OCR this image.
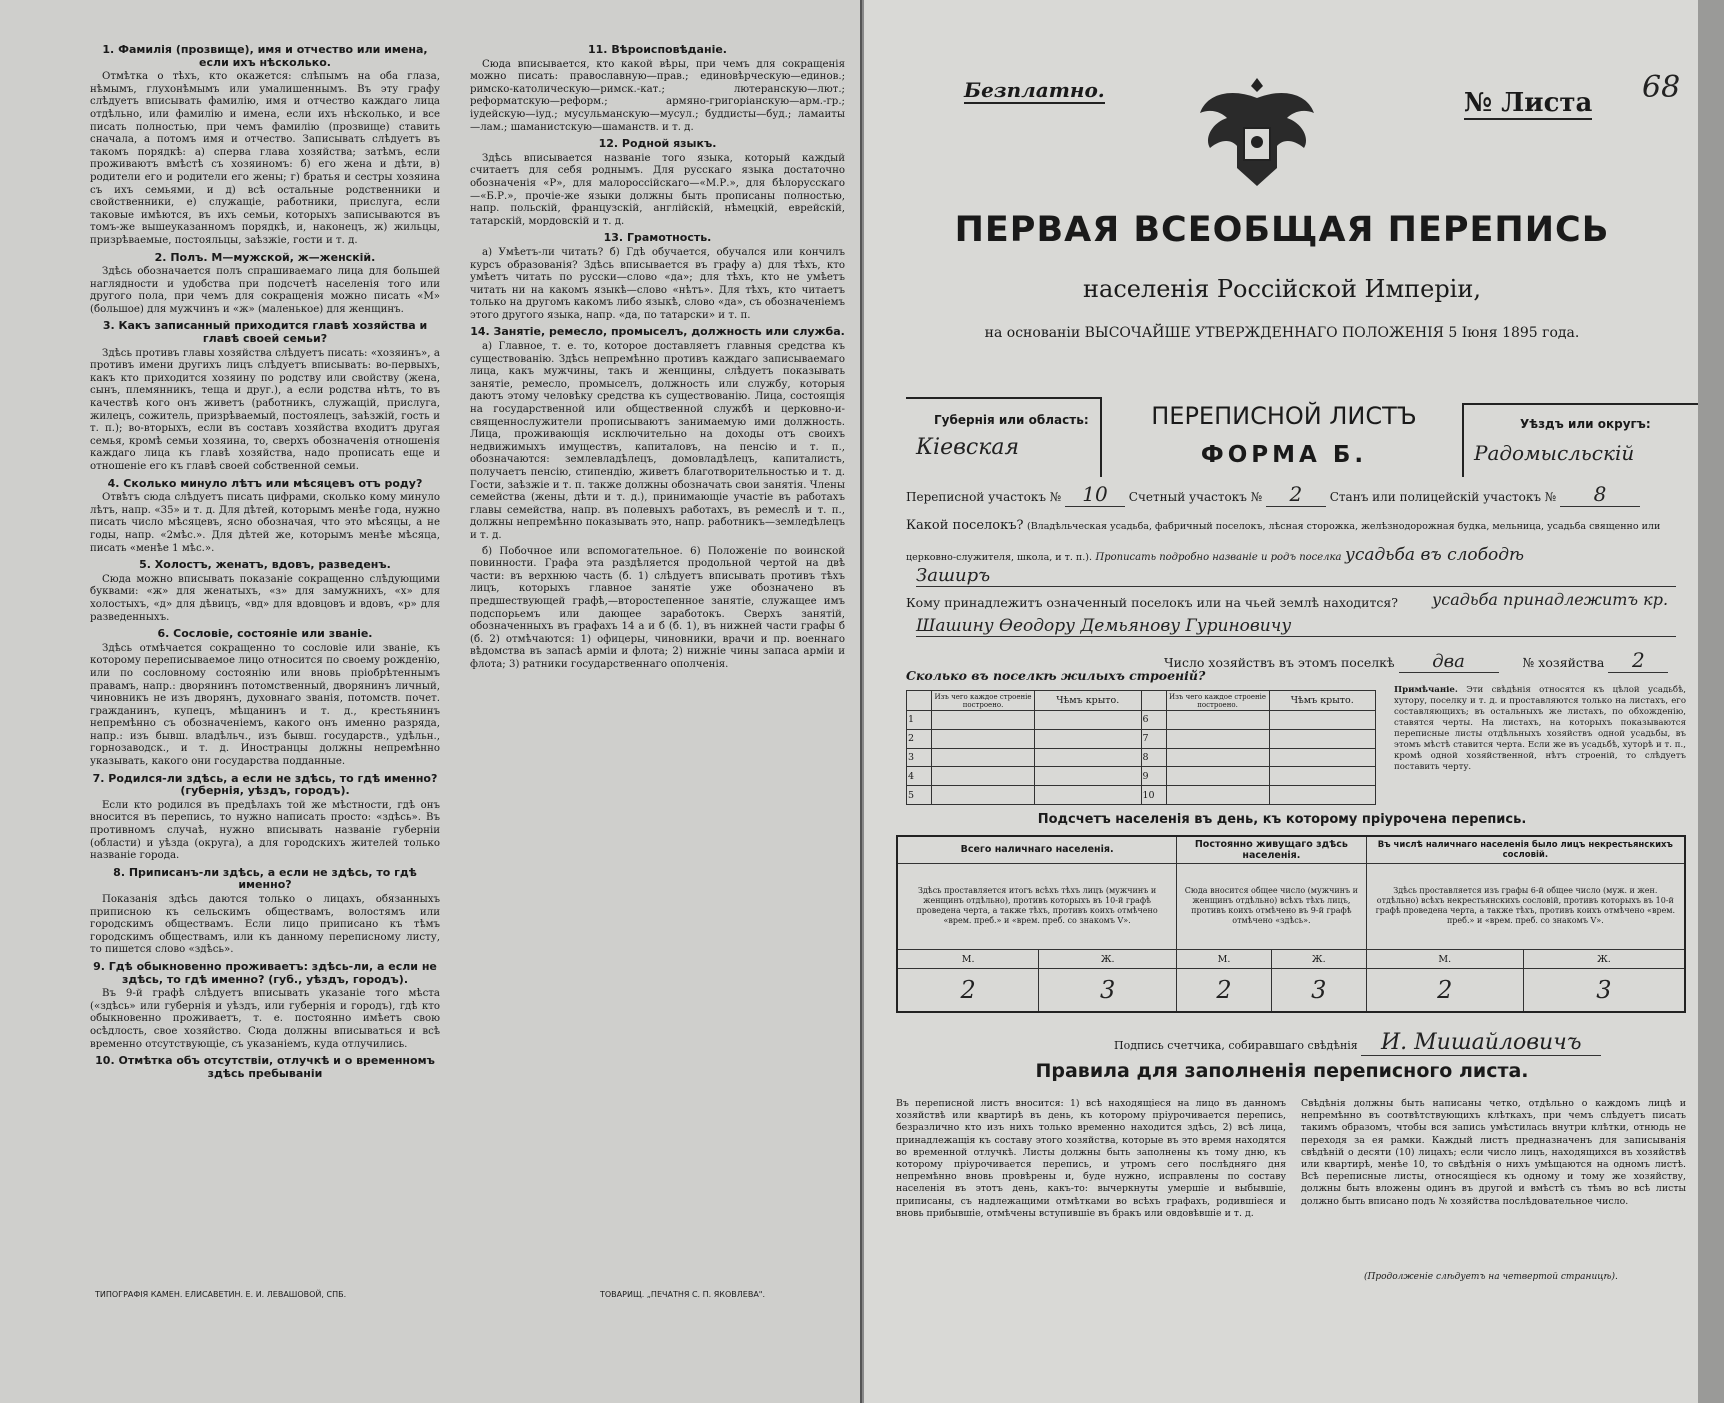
1. Фамилія (прозвище), имя и отчество или имена, если ихъ нѣсколько.

Отмѣтка о тѣхъ, кто окажется: слѣпымъ на оба глаза, нѣмымъ, глухонѣмымъ или умалишеннымъ. Въ эту графу слѣдуетъ вписывать фамилію, имя и отчество каждаго лица отдѣльно, или фамилію и имена, если ихъ нѣсколько, и все писать полностью, при чемъ фамилію (прозвище) ставить сначала, а потомъ имя и отчество. Записывать слѣдуетъ въ такомъ порядкѣ: а) сперва глава хозяйства; затѣмъ, если проживаютъ вмѣстѣ съ хозяиномъ: б) его жена и дѣти, в) родители его и родители его жены; г) братья и сестры хозяина съ ихъ семьями, и д) всѣ остальные родственники и свойственники, е) служащіе, работники, прислуга, если таковые имѣются, въ ихъ семьи, которыхъ записываются въ томъ-же вышеуказанномъ порядкѣ, и, наконецъ, ж) жильцы, призрѣваемые, постояльцы, заѣзжіе, гости и т. д.

2. Полъ. М—мужской, ж—женскій.

Здѣсь обозначается полъ спрашиваемаго лица для большей наглядности и удобства при подсчетѣ населенія того или другого пола, при чемъ для сокращенія можно писать «М» (большое) для мужчинъ и «ж» (маленькое) для женщинъ.

3. Какъ записанный приходится главѣ хозяйства и главѣ своей семьи?

Здѣсь противъ главы хозяйства слѣдуетъ писать: «хозяинъ», а противъ имени другихъ лицъ слѣдуетъ вписывать: во-первыхъ, какъ кто приходится хозяину по родству или свойству (жена, сынъ, племянникъ, теща и друг.), а если родства нѣтъ, то въ качествѣ кого онъ живетъ (работникъ, служащій, прислуга, жилецъ, сожитель, призрѣваемый, постоялецъ, заѣзжій, гость и т. п.); во-вторыхъ, если въ составъ хозяйства входитъ другая семья, кромѣ семьи хозяина, то, сверхъ обозначенія отношенія каждаго лица къ главѣ хозяйства, надо прописать еще и отношеніе его къ главѣ своей собственной семьи.

4. Сколько минуло лѣтъ или мѣсяцевъ отъ роду?

Отвѣтъ сюда слѣдуетъ писать цифрами, сколько кому минуло лѣтъ, напр. «35» и т. д. Для дѣтей, которымъ менѣе года, нужно писать число мѣсяцевъ, ясно обозначая, что это мѣсяцы, а не годы, напр. «2мѣс.». Для дѣтей же, которымъ менѣе мѣсяца, писать «менѣе 1 мѣс.».

5. Холостъ, женатъ, вдовъ, разведенъ.

Сюда можно вписывать показаніе сокращенно слѣдующими буквами: «ж» для женатыхъ, «з» для замужнихъ, «х» для холостыхъ, «д» для дѣвицъ, «вд» для вдовцовъ и вдовъ, «р» для разведенныхъ.

6. Сословіе, состояніе или званіе.

Здѣсь отмѣчается сокращенно то сословіе или званіе, къ которому переписываемое лицо относится по своему рожденію, или по сословному состоянію или вновь пріобрѣтеннымъ правамъ, напр.: дворянинъ потомственный, дворянинъ личный, чиновникъ не изъ дворянъ, духовнаго званія, потомств. почет. гражданинъ, купецъ, мѣщанинъ и т. д., крестьянинъ непремѣнно съ обозначеніемъ, какого онъ именно разряда, напр.: изъ бывш. владѣльч., изъ бывш. государств., удѣльн., горнозаводск., и т. д. Иностранцы должны непремѣнно указывать, какого они государства подданные.

7. Родился-ли здѣсь, а если не здѣсь, то гдѣ именно? (губернія, уѣздъ, городъ).

Если кто родился въ предѣлахъ той же мѣстности, гдѣ онъ вносится въ перепись, то нужно написать просто: «здѣсь». Въ противномъ случаѣ, нужно вписывать названіе губерніи (области) и уѣзда (округа), а для городскихъ жителей только названіе города.

8. Приписанъ-ли здѣсь, а если не здѣсь, то гдѣ именно?

Показанія здѣсь даются только о лицахъ, обязанныхъ приписною къ сельскимъ обществамъ, волостямъ или городскимъ обществамъ. Если лицо приписано къ тѣмъ городскимъ обществамъ, или къ данному переписному листу, то пишется слово «здѣсь».

9. Гдѣ обыкновенно проживаетъ: здѣсь-ли, а если не здѣсь, то гдѣ именно? (губ., уѣздъ, городъ).

Въ 9-й графѣ слѣдуетъ вписывать указаніе того мѣста («здѣсь» или губернія и уѣздъ, или губернія и городъ), гдѣ кто обыкновенно проживаетъ, т. е. постоянно имѣетъ свою осѣдлость, свое хозяйство. Сюда должны вписываться и всѣ временно отсутствующіе, съ указаніемъ, куда отлучились.

10. Отмѣтка объ отсутствіи, отлучкѣ и о временномъ здѣсь пребываніи
11. Вѣроисповѣданіе.

Сюда вписывается, кто какой вѣры, при чемъ для сокращенія можно писать: православную—прав.; единовѣрческую—единов.; римско-католическую—римск.-кат.; лютеранскую—лют.; реформатскую—реформ.; армяно-григоріанскую—арм.-гр.; іудейскую—іуд.; мусульманскую—мусул.; буддисты—буд.; ламаиты—лам.; шаманистскую—шаманств. и т. д.

12. Родной языкъ.

Здѣсь вписывается названіе того языка, который каждый считаетъ для себя роднымъ. Для русскаго языка достаточно обозначенія «Р», для малороссійскаго—«М.Р.», для бѣлорусскаго—«Б.Р.», прочіе-же языки должны быть прописаны полностью, напр. польскій, французскій, англійскій, нѣмецкій, еврейскій, татарскій, мордовскій и т. д.

13. Грамотность.

а) Умѣетъ-ли читать? б) Гдѣ обучается, обучался или кончилъ курсъ образованія? Здѣсь вписывается въ графу а) для тѣхъ, кто умѣетъ читать по русски—слово «да»; для тѣхъ, кто не умѣетъ читать ни на какомъ языкѣ—слово «нѣтъ». Для тѣхъ, кто читаетъ только на другомъ какомъ либо языкѣ, слово «да», съ обозначеніемъ этого другого языка, напр. «да, по татарски» и т. п.

14. Занятіе, ремесло, промыселъ, должность или служба.

а) Главное, т. е. то, которое доставляетъ главныя средства къ существованію. Здѣсь непремѣнно противъ каждаго записываемаго лица, какъ мужчины, такъ и женщины, слѣдуетъ показывать занятіе, ремесло, промыселъ, должность или службу, которыя даютъ этому человѣку средства къ существованію. Лица, состоящія на государственной или общественной службѣ и церковно-и-священнослужители прописываютъ занимаемую ими должность. Лица, проживающія исключительно на доходы отъ своихъ недвижимыхъ имуществъ, капиталовъ, на пенсію и т. п., обозначаются: землевладѣлецъ, домовладѣлецъ, капиталистъ, получаетъ пенсію, стипендію, живетъ благотворительностью и т. д. Гости, заѣзжіе и т. п. также должны обозначать свои занятія. Члены семейства (жены, дѣти и т. д.), принимающіе участіе въ работахъ главы семейства, напр. въ полевыхъ работахъ, въ ремеслѣ и т. п., должны непремѣнно показывать это, напр. работникъ—земледѣлецъ и т. д.

б) Побочное или вспомогательное. 6) Положеніе по воинской повинности. Графа эта раздѣляется продольной чертой на двѣ части: въ верхнюю часть (б. 1) слѣдуетъ вписывать противъ тѣхъ лицъ, которыхъ главное занятіе уже обозначено въ предшествующей графѣ,—второстепенное занятіе, служащее имъ подспорьемъ или дающее заработокъ. Сверхъ занятій, обозначенныхъ въ графахъ 14 а и б (б. 1), въ нижней части графы б (б. 2) отмѣчаются: 1) офицеры, чиновники, врачи и пр. военнаго вѣдомства въ запасѣ арміи и флота; 2) нижніе чины запаса арміи и флота; 3) ратники государственнаго ополченія.

ТИПОГРАФІЯ КАМЕН. ЕЛИСАВЕТИН. Е. И. ЛЕВАШОВОЙ, СПБ.	ТОВАРИЩ. „ПЕЧАТНЯ С. П. ЯКОВЛЕВА".
Безплатно.	№ Листа 68
ПЕРВАЯ ВСЕОБЩАЯ ПЕРЕПИСЬ
населенія Россійской Имперіи,
на основаніи ВЫСОЧАЙШЕ УТВЕРЖДЕННАГО ПОЛОЖЕНІЯ 5 Іюня 1895 года.
Губернія или область:
Кіевская
ПЕРЕПИСНОЙ ЛИСТЪ
ФОРМА Б.
Уѣздъ или округъ:
Радомысльскій
Переписной участокъ № 10 Счетный участокъ № 2 Станъ или полицейскій участокъ № 8
Какой поселокъ? (Владѣльческая усадьба, фабричный поселокъ, лѣсная сторожка, желѣзнодорожная будка, мельница, усадьба священно или церковно-служителя, школа, и т. п.). Прописать подробно названіе и родъ поселка усадьба въ слободѣ
Заширъ
Кому принадлежитъ означенный поселокъ или на чьей землѣ находится? усадьба принадлежитъ кр.
Шашину Өеодору Демьянову Гуриновичу
Число хозяйствъ въ этомъ поселкѣ два	№ хозяйства 2
Сколько въ поселкѣ жилыхъ строеній?
	Изъ чего каждое строеніе построено.	Чѣмъ крыто.		Изъ чего каждое строеніе построено.	Чѣмъ крыто.
1			6		
2			7		
3			8		
4			9		
5			10		
Примѣчаніе. Эти свѣдѣнія относятся къ цѣлой усадьбѣ, хутору, поселку и т. д. и проставляются только на листахъ, его составляющихъ; въ остальныхъ же листахъ, по обхожденію, ставятся черты. На листахъ, на которыхъ показываются переписные листы отдѣльныхъ хозяйствъ одной усадьбы, въ этомъ мѣстѣ ставится черта. Если же въ усадьбѣ, хуторѣ и т. п., кромѣ одной хозяйственной, нѣтъ строеній, то слѣдуетъ поставить черту.
Подсчетъ населенія въ день, къ которому пріурочена перепись.
Всего наличнаго населенія.		Постоянно живущаго здѣсь населенія.		Въ числѣ наличнаго населенія было лицъ некрестьянскихъ сословій.	
Здѣсь проставляется итогъ всѣхъ тѣхъ лицъ (мужчинъ и женщинъ отдѣльно), противъ которыхъ въ 10-й графѣ проведена черта, а также тѣхъ, противъ коихъ отмѣчено «врем. преб.» и «врем. преб. со знакомъ V».		Сюда вносится общее число (мужчинъ и женщинъ отдѣльно) всѣхъ тѣхъ лицъ, противъ коихъ отмѣчено въ 9-й графѣ отмѣчено «здѣсь».		Здѣсь проставляется изъ графы 6-й общее число (муж. и жен. отдѣльно) всѣхъ некрестьянскихъ сословій, противъ которыхъ въ 10-й графѣ проведена черта, а также тѣхъ, противъ коихъ отмѣчено «врем. преб.» и «врем. преб. со знакомъ V».	
М.	Ж.	М.	Ж.	М.	Ж.
2	3	2	3	2	3
Подпись счетчика, собиравшаго свѣдѣнія И. Мишайловичъ
Правила для заполненія переписного листа.
Въ переписной листъ вносится: 1) всѣ находящіеся на лицо въ данномъ хозяйствѣ или квартирѣ въ день, къ которому пріурочивается перепись, безразлично кто изъ нихъ только временно находится здѣсь, 2) всѣ лица, принадлежащія къ составу этого хозяйства, которые въ это время находятся во временной отлучкѣ. Листы должны быть заполнены къ тому дню, къ которому пріурочивается перепись, и утромъ сего послѣдняго дня непремѣнно вновь провѣрены и, буде нужно, исправлены по составу населенія въ этотъ день, какъ-то: вычеркнуты умершіе и выбывшіе, приписаны, съ надлежащими отмѣтками во всѣхъ графахъ, родившіеся и вновь прибывшіе, отмѣчены вступившіе въ бракъ или овдовѣвшіе и т. д.
Свѣдѣнія должны быть написаны четко, отдѣльно о каждомъ лицѣ и непремѣнно въ соотвѣтствующихъ клѣткахъ, при чемъ слѣдуетъ писать такимъ образомъ, чтобы вся запись умѣстилась внутри клѣтки, отнюдь не переходя за ея рамки. Каждый листъ предназначенъ для записыванія свѣдѣній о десяти (10) лицахъ; если число лицъ, находящихся въ хозяйствѣ или квартирѣ, менѣе 10, то свѣдѣнія о нихъ умѣщаются на одномъ листѣ. Всѣ переписные листы, относящіеся къ одному и тому же хозяйству, должны быть вложены одинъ въ другой и вмѣстѣ съ тѣмъ во всѣ листы должно быть вписано подъ № хозяйства послѣдовательное число.
(Продолженіе слѣдуетъ на четвертой страницѣ).
